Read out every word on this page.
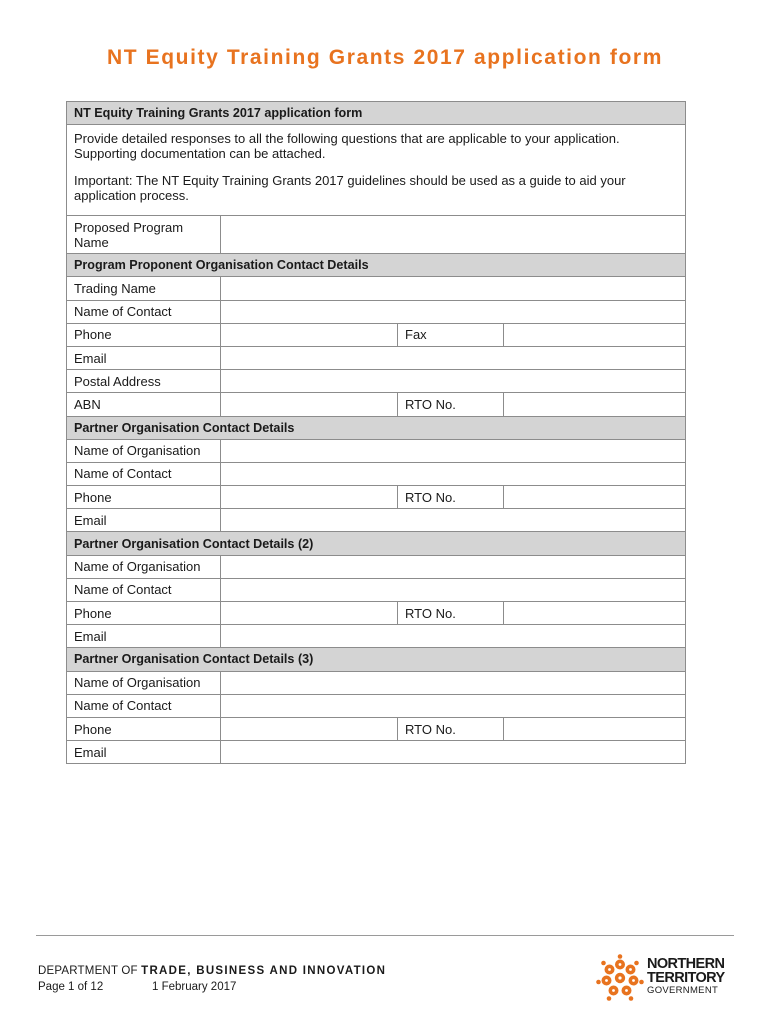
NT Equity Training Grants 2017 application form
NT Equity Training Grants 2017 application form			

Provide detailed responses to all the following questions that are applicable to your application. Supporting documentation can be attached.

Important: The NT Equity Training Grants 2017 guidelines should be used as a guide to aid your application process.			

Proposed Program Name			
Program Proponent Organisation Contact Details			
Trading Name			
Name of Contact			
Phone		Fax	
Email			
Postal Address			
ABN		RTO No.	
Partner Organisation Contact Details			
Name of Organisation			
Name of Contact			
Phone		RTO No.	
Email			
Partner Organisation Contact Details (2)			
Name of Organisation			
Name of Contact			
Phone		RTO No.	
Email			
Partner Organisation Contact Details (3)			
Name of Organisation			
Name of Contact			
Phone		RTO No.	
Email			
DEPARTMENT OF TRADE, BUSINESS AND INNOVATION
Page 1 of 12	1 February 2017
NORTHERN
TERRITORY
GOVERNMENT
